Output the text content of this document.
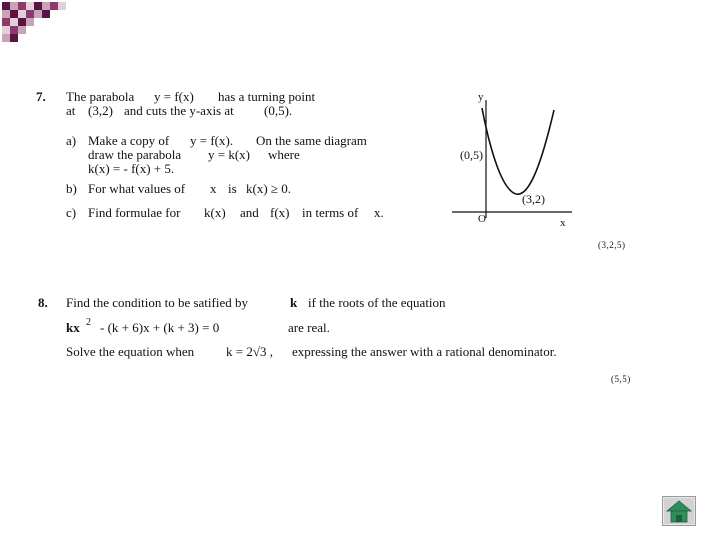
7. The parabola y = f(x) has a turning point
at (3,2) and cuts the y-axis at (0,5).
a) Make a copy of y = f(x). On the same diagram
draw the parabola y = k(x) where
k(x) = - f(x) + 5.
b) For what values of x is k(x) ≥ 0.
c) Find formulae for k(x) and f(x) in terms of x.
(3,2,5)
y
x
O
(0,5)
(3,2)
8. Find the condition to be satified by	k if the roots of the equation
kx 2 - (k + 6)x + (k + 3) = 0	are real.
Solve the equation when k = 2√3 , expressing the answer with a rational denominator.
(5,5)
